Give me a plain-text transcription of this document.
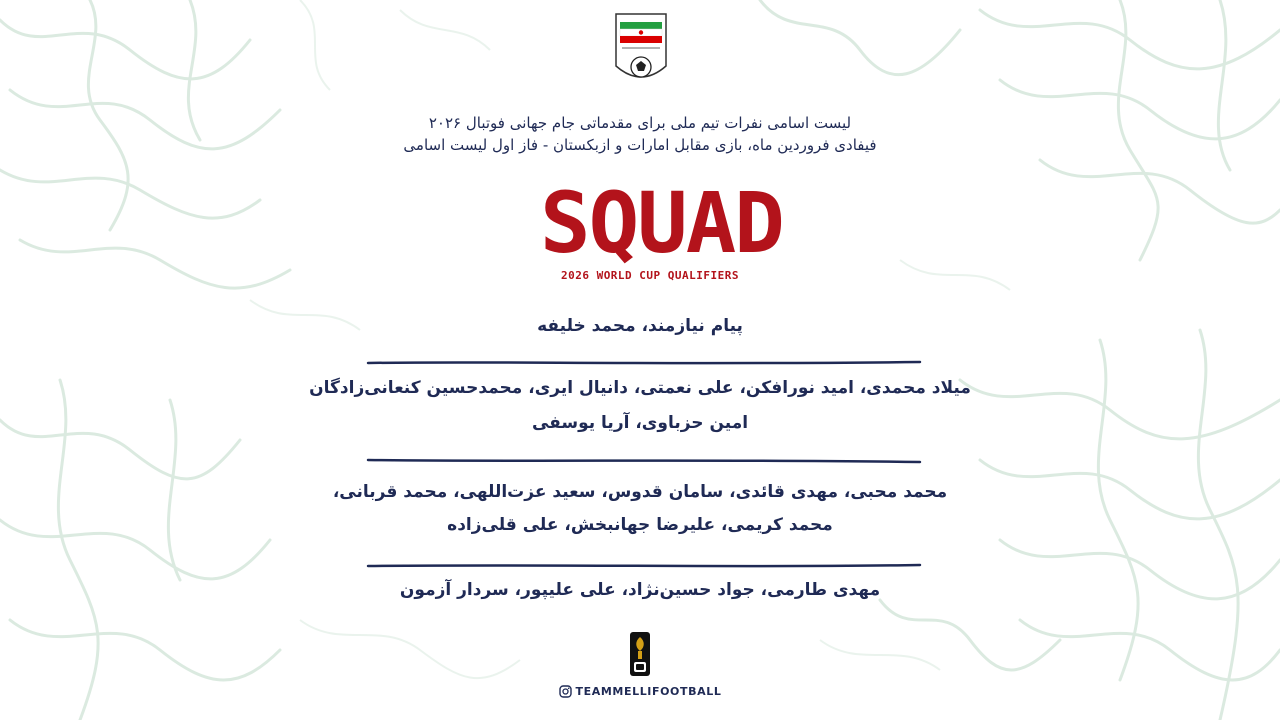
لیست اسامی نفرات تیم ملی برای مقدماتی جام جهانی فوتبال ۲۰۲۶
فیفادی فروردین ماه، بازی مقابل امارات و ازبکستان - فاز اول لیست اسامی
SQUAD
2026 WORLD CUP QUALIFIERS
پیام نیازمند، محمد خلیفه
میلاد محمدی، امید نورافکن، علی نعمتی، دانیال ایری، محمدحسین کنعانی‌زادگان
امین حزباوی، آریا یوسفی
محمد محبی، مهدی قائدی، سامان قدوس، سعید عزت‌اللهی، محمد قربانی،
محمد کریمی، علیرضا جهانبخش، علی قلی‌زاده
مهدی طارمی، جواد حسین‌نژاد، علی علیپور، سردار آزمون
TEAMMELLIFOOTBALL
